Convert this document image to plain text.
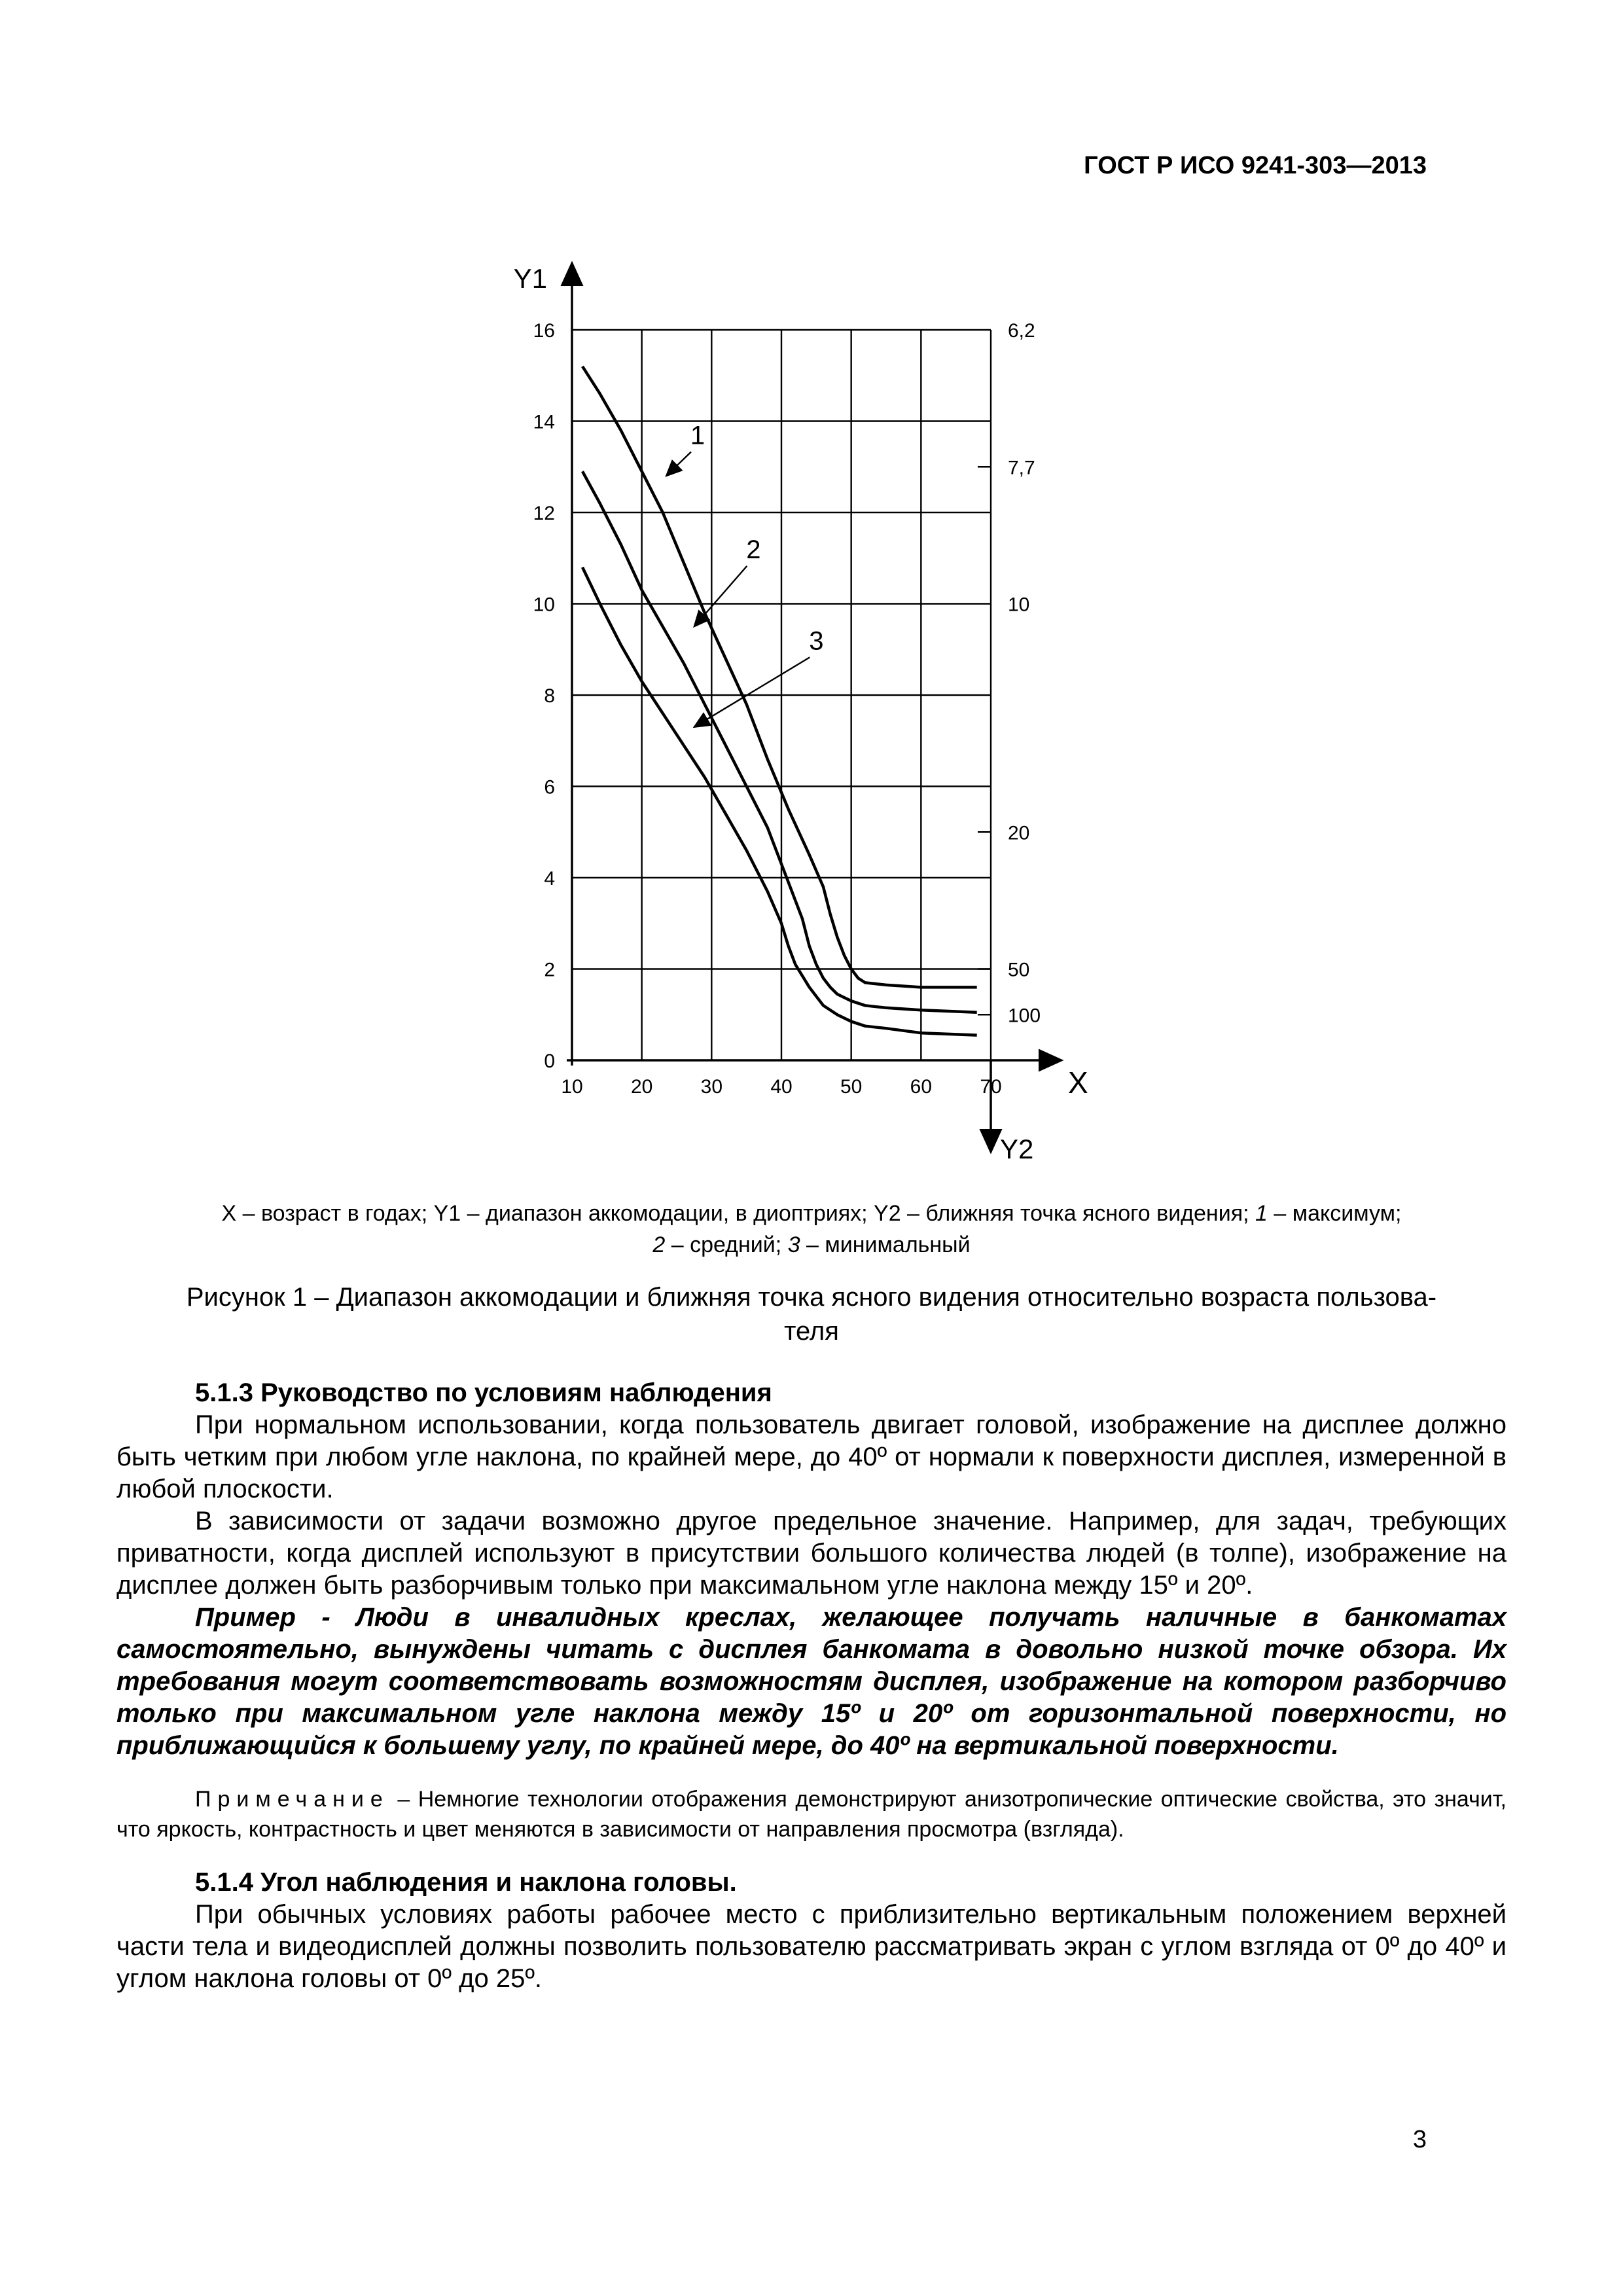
ГОСТ Р ИСО 9241-303—2013
10 20 30 40 50 60 70
0
2
4
6
8
10
12
14
16
Y1
X
Y2
6,2
7,7
10
20
50
100
1
2
3
X – возраст в годах; Y1 – диапазон аккомодации, в диоптриях; Y2 – ближняя точка ясного видения; 1 – максимум;
2 – средний; 3 – минимальный
Рисунок 1 – Диапазон аккомодации и ближняя точка ясного видения относительно возраста пользова-
теля

5.1.3 Руководство по условиям наблюдения

При нормальном использовании, когда пользователь двигает головой, изображение на дисплее должно быть четким при любом угле наклона, по крайней мере, до 40º от нормали к поверхности дисплея, измеренной в любой плоскости.

В зависимости от задачи возможно другое предельное значение. Например, для задач, требующих приватности, когда дисплей используют в присутствии большого количества людей (в толпе), изображение на дисплее должен быть разборчивым только при максимальном угле наклона между 15º и 20º.

Пример - Люди в инвалидных креслах, желающее получать наличные в банкоматах самостоятельно, вынуждены читать с дисплея банкомата в довольно низкой точке обзора. Их требования могут соответствовать возможностям дисплея, изображение на котором разборчиво только при максимальном угле наклона между 15º и 20º от горизонтальной поверхности, но приближающийся к большему углу, по крайней мере, до 40º на вертикальной поверхности.

Примечание – Немногие технологии отображения демонстрируют анизотропические оптические свойства, это значит, что яркость, контрастность и цвет меняются в зависимости от направления просмотра (взгляда).

5.1.4 Угол наблюдения и наклона головы.

При обычных условиях работы рабочее место с приблизительно вертикальным положением верхней части тела и видеодисплей должны позволить пользователю рассматривать экран с углом взгляда от 0º до 40º и углом наклона головы от 0º до 25º.

3
